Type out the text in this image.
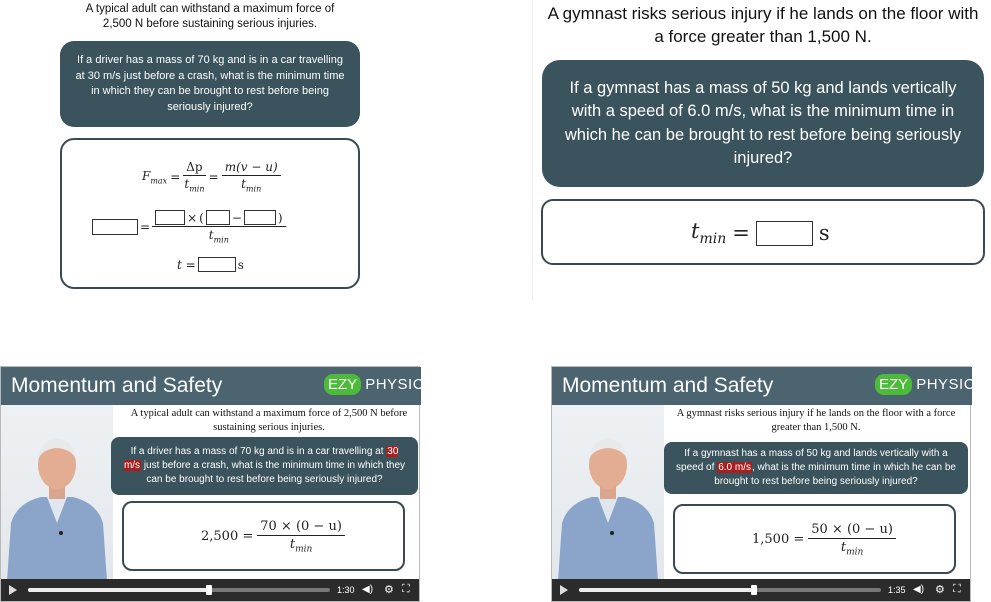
A typical adult can withstand a maximum force of 2,500 N before sustaining serious injuries.
If a driver has a mass of 70 kg and is in a car travelling at 30 m/s just before a crash, what is the minimum time in which they can be brought to rest before being seriously injured?
$F_{max} = \frac{\Delta p}{t_{min}} = \frac{m(v - u)}{t_{min}}$
= × ( −	)
$t_{min}$
t =	s
A gymnast risks serious injury if he lands on the floor with a force greater than 1,500 N.
If a gymnast has a mass of 50 kg and lands vertically with a speed of 6.0 m/s, what is the minimum time in which he can be brought to rest before being seriously injured?
$t_{min}$ =	s
Momentum and Safety	EZY PHYSICS
A typical adult can withstand a maximum force of 2,500 N before sustaining serious injuries.
If a driver has a mass of 70 kg and is in a car travelling at 30 m/s just before a crash, what is the minimum time in which they can be brought to rest before being seriously injured?
$2,500 = \frac{70 \times (0 - u)}{t_{min}}$
1:30 ◀) ⚙ ⛶
Momentum and Safety	EZY PHYSICS
A gymnast risks serious injury if he lands on the floor with a force greater than 1,500 N.
If a gymnast has a mass of 50 kg and lands vertically with a speed of 6.0 m/s, what is the minimum time in which he can be brought to rest before being seriously injured?
$1,500 = \frac{50 \times (0 - u)}{t_{min}}$
1:35 ◀) ⚙ ⛶
